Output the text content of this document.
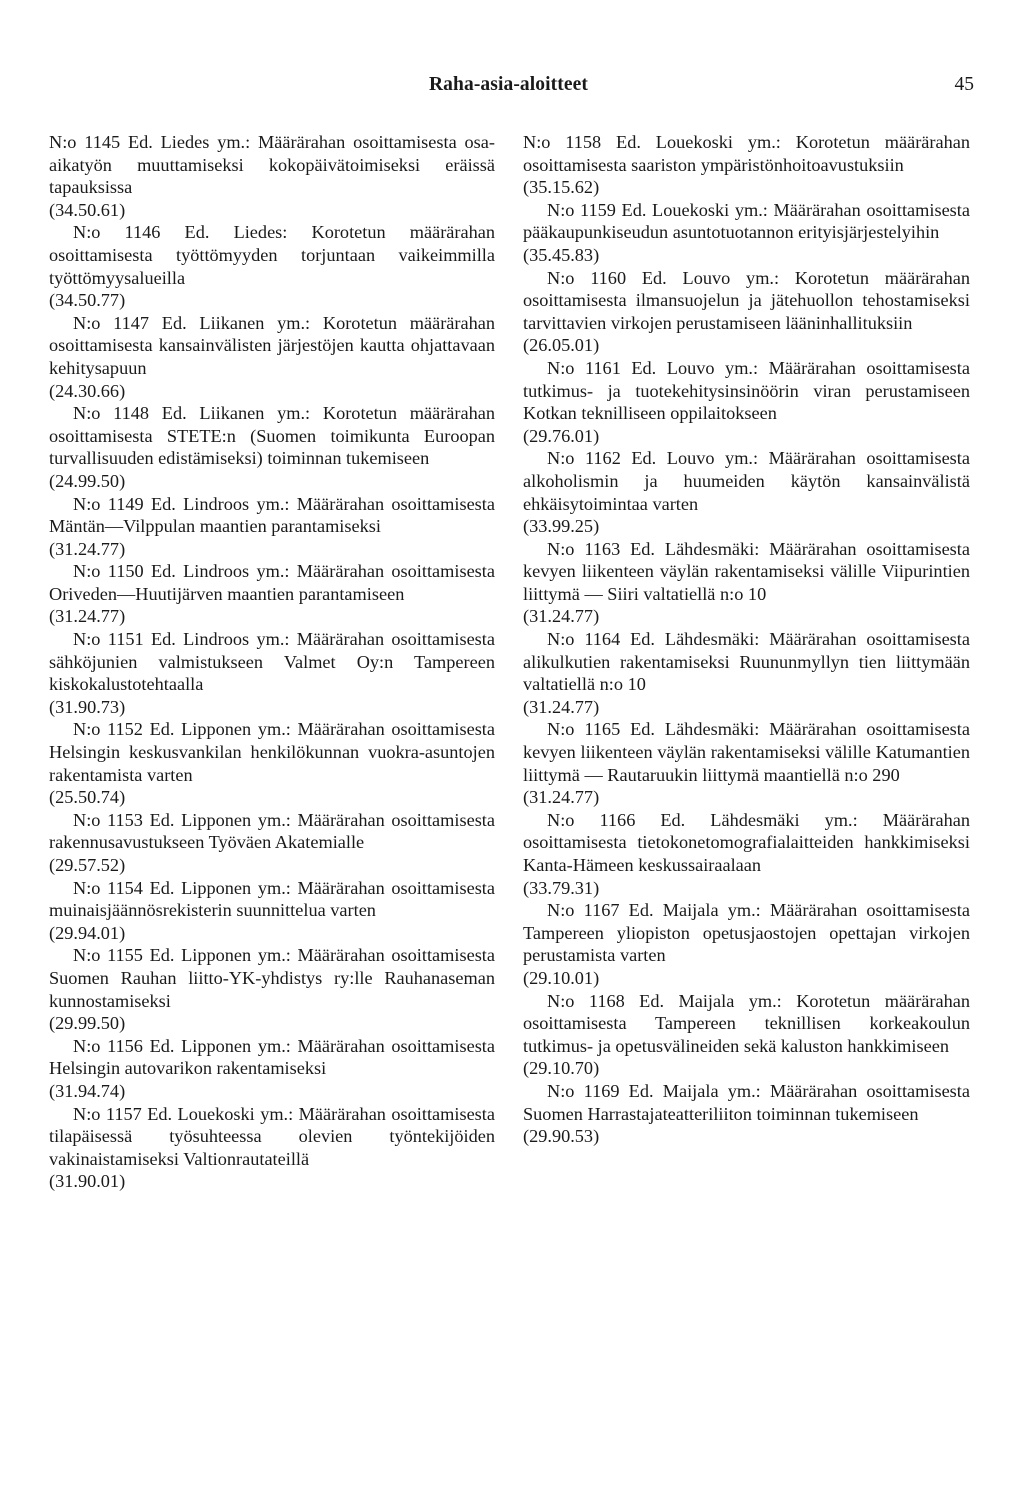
Raha-asia-aloitteet	45

N:o 1145 Ed. Liedes ym.: Määrärahan osoittamisesta osa-aikatyön muuttamiseksi kokopäivätoimiseksi eräissä tapauksissa

(34.50.61)

N:o 1146 Ed. Liedes: Korotetun määrärahan osoittamisesta työttömyyden torjuntaan vaikeimmilla työttömyysalueilla

(34.50.77)

N:o 1147 Ed. Liikanen ym.: Korotetun määrärahan osoittamisesta kansainvälisten järjestöjen kautta ohjattavaan kehitysapuun

(24.30.66)

N:o 1148 Ed. Liikanen ym.: Korotetun määrärahan osoittamisesta STETE:n (Suomen toimikunta Euroopan turvallisuuden edistämiseksi) toiminnan tukemiseen

(24.99.50)

N:o 1149 Ed. Lindroos ym.: Määrärahan osoittamisesta Mäntän—Vilppulan maantien parantamiseksi

(31.24.77)

N:o 1150 Ed. Lindroos ym.: Määrärahan osoittamisesta Oriveden—Huutijärven maantien parantamiseen

(31.24.77)

N:o 1151 Ed. Lindroos ym.: Määrärahan osoittamisesta sähköjunien valmistukseen Valmet Oy:n Tampereen kiskokalustotehtaalla

(31.90.73)

N:o 1152 Ed. Lipponen ym.: Määrärahan osoittamisesta Helsingin keskusvankilan henkilökunnan vuokra-asuntojen rakentamista varten

(25.50.74)

N:o 1153 Ed. Lipponen ym.: Määrärahan osoittamisesta rakennusavustukseen Työväen Akatemialle

(29.57.52)

N:o 1154 Ed. Lipponen ym.: Määrärahan osoittamisesta muinaisjäännösrekisterin suunnittelua varten

(29.94.01)

N:o 1155 Ed. Lipponen ym.: Määrärahan osoittamisesta Suomen Rauhan liitto-YK-yhdistys ry:lle Rauhanaseman kunnostamiseksi

(29.99.50)

N:o 1156 Ed. Lipponen ym.: Määrärahan osoittamisesta Helsingin autovarikon rakentamiseksi

(31.94.74)

N:o 1157 Ed. Louekoski ym.: Määrärahan osoittamisesta tilapäisessä työsuhteessa olevien työntekijöiden vakinaistamiseksi Valtionrautateillä

(31.90.01)

N:o 1158 Ed. Louekoski ym.: Korotetun määrärahan osoittamisesta saariston ympäristönhoitoavustuksiin

(35.15.62)

N:o 1159 Ed. Louekoski ym.: Määrärahan osoittamisesta pääkaupunkiseudun asuntotuotannon erityisjärjestelyihin

(35.45.83)

N:o 1160 Ed. Louvo ym.: Korotetun määrärahan osoittamisesta ilmansuojelun ja jätehuollon tehostamiseksi tarvittavien virkojen perustamiseen lääninhallituksiin

(26.05.01)

N:o 1161 Ed. Louvo ym.: Määrärahan osoittamisesta tutkimus- ja tuotekehitysinsinöörin viran perustamiseen Kotkan teknilliseen oppilaitokseen

(29.76.01)

N:o 1162 Ed. Louvo ym.: Määrärahan osoittamisesta alkoholismin ja huumeiden käytön kansainvälistä ehkäisytoimintaa varten

(33.99.25)

N:o 1163 Ed. Lähdesmäki: Määrärahan osoittamisesta kevyen liikenteen väylän rakentamiseksi välille Viipurintien liittymä — Siiri valtatiellä n:o 10

(31.24.77)

N:o 1164 Ed. Lähdesmäki: Määrärahan osoittamisesta alikulkutien rakentamiseksi Ruununmyllyn tien liittymään valtatiellä n:o 10

(31.24.77)

N:o 1165 Ed. Lähdesmäki: Määrärahan osoittamisesta kevyen liikenteen väylän rakentamiseksi välille Katumantien liittymä — Rautaruukin liittymä maantiellä n:o 290

(31.24.77)

N:o 1166 Ed. Lähdesmäki ym.: Määrärahan osoittamisesta tietokonetomografialaitteiden hankkimiseksi Kanta-Hämeen keskussairaalaan

(33.79.31)

N:o 1167 Ed. Maijala ym.: Määrärahan osoittamisesta Tampereen yliopiston opetusjaostojen opettajan virkojen perustamista varten

(29.10.01)

N:o 1168 Ed. Maijala ym.: Korotetun määrärahan osoittamisesta Tampereen teknillisen korkeakoulun tutkimus- ja opetusvälineiden sekä kaluston hankkimiseen

(29.10.70)

N:o 1169 Ed. Maijala ym.: Määrärahan osoittamisesta Suomen Harrastajateatteriliiton toiminnan tukemiseen

(29.90.53)
